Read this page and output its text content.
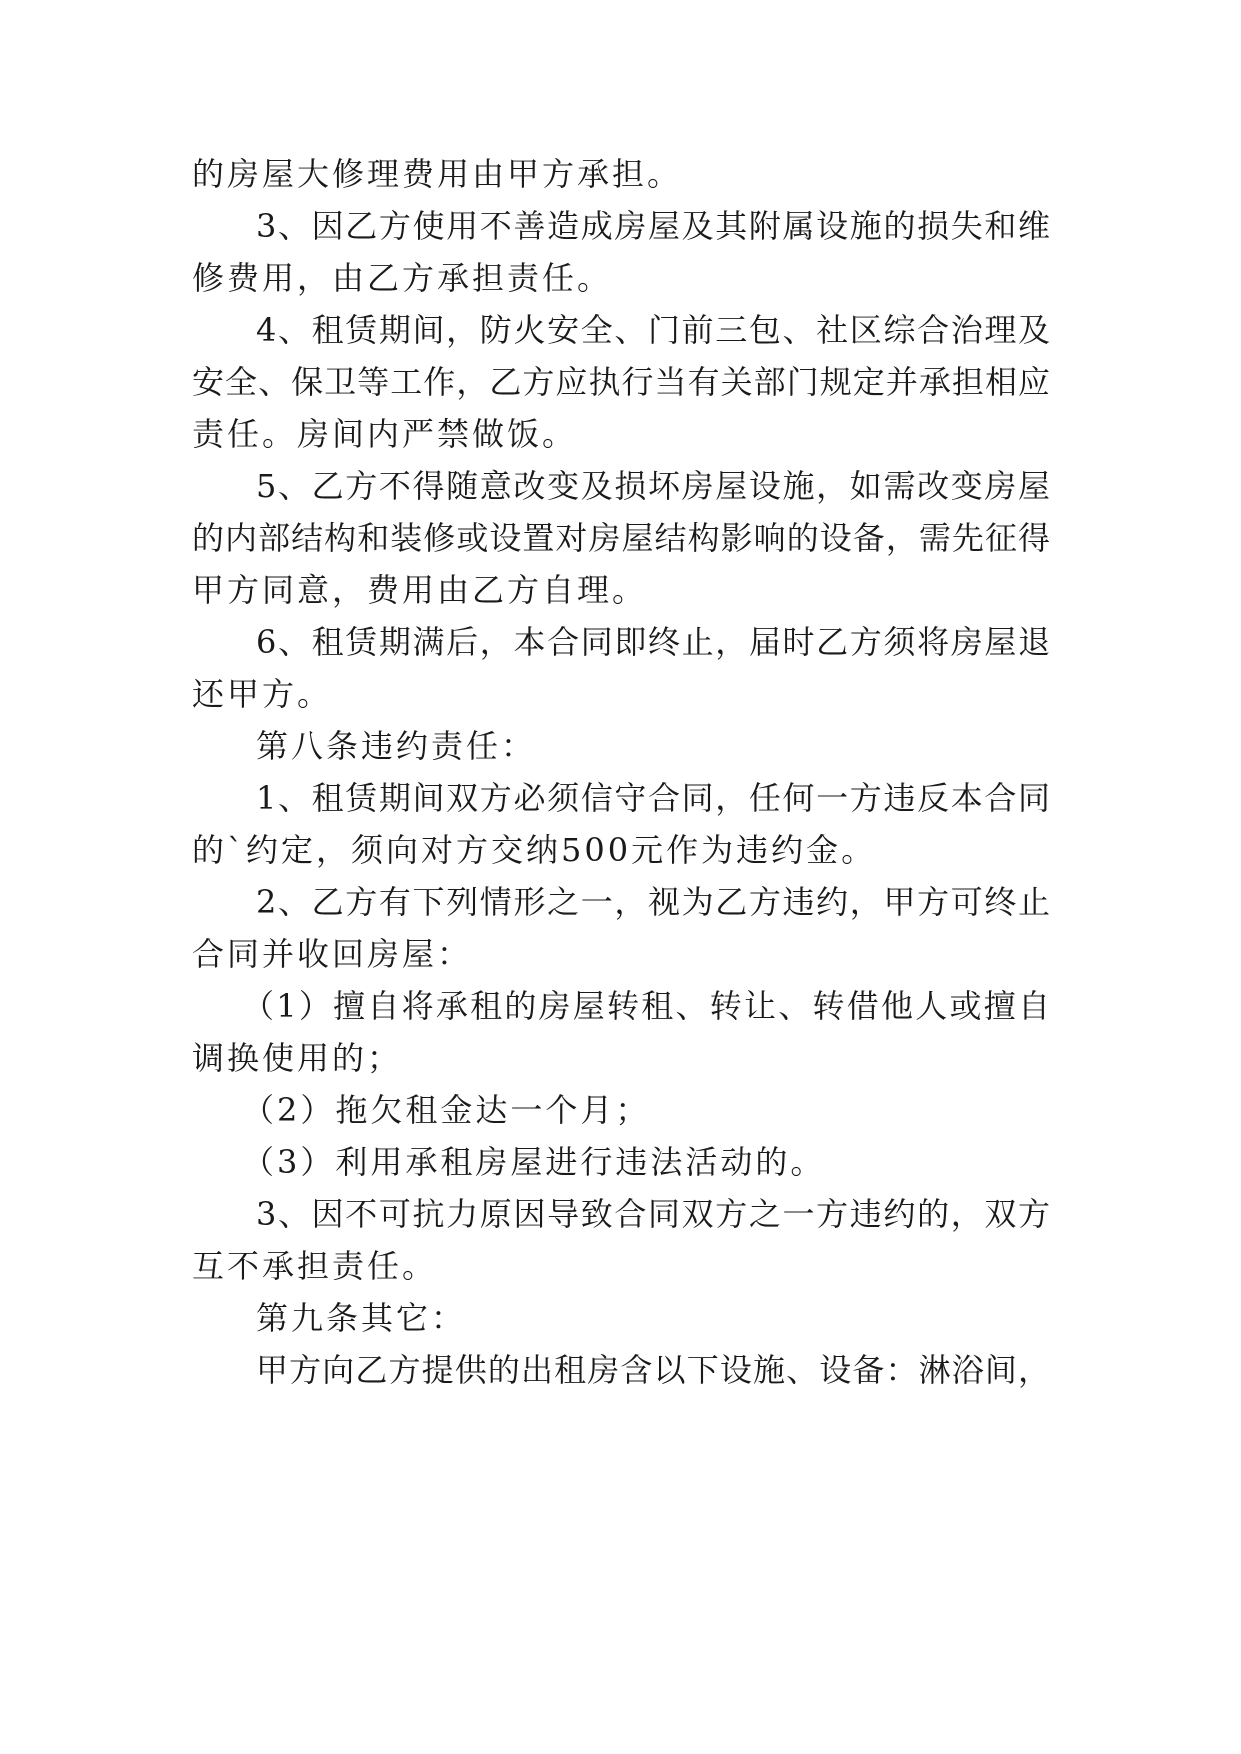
的房屋大修理费用由甲方承担。
3、因乙方使用不善造成房屋及其附属设施的损失和维
修费用，由乙方承担责任。
4、租赁期间，防火安全、门前三包、社区综合治理及
安全、保卫等工作，乙方应执行当有关部门规定并承担相应
责任。房间内严禁做饭。
5、乙方不得随意改变及损坏房屋设施，如需改变房屋
的内部结构和装修或设置对房屋结构影响的设备，需先征得
甲方同意，费用由乙方自理。
6、租赁期满后，本合同即终止，届时乙方须将房屋退
还甲方。
第八条违约责任：
1、租赁期间双方必须信守合同，任何一方违反本合同
的`约定，须向对方交纳500元作为违约金。
2、乙方有下列情形之一，视为乙方违约，甲方可终止
合同并收回房屋：
（1）擅自将承租的房屋转租、转让、转借他人或擅自
调换使用的；
（2）拖欠租金达一个月；
（3）利用承租房屋进行违法活动的。
3、因不可抗力原因导致合同双方之一方违约的，双方
互不承担责任。
第九条其它：
甲方向乙方提供的出租房含以下设施、设备：淋浴间，
